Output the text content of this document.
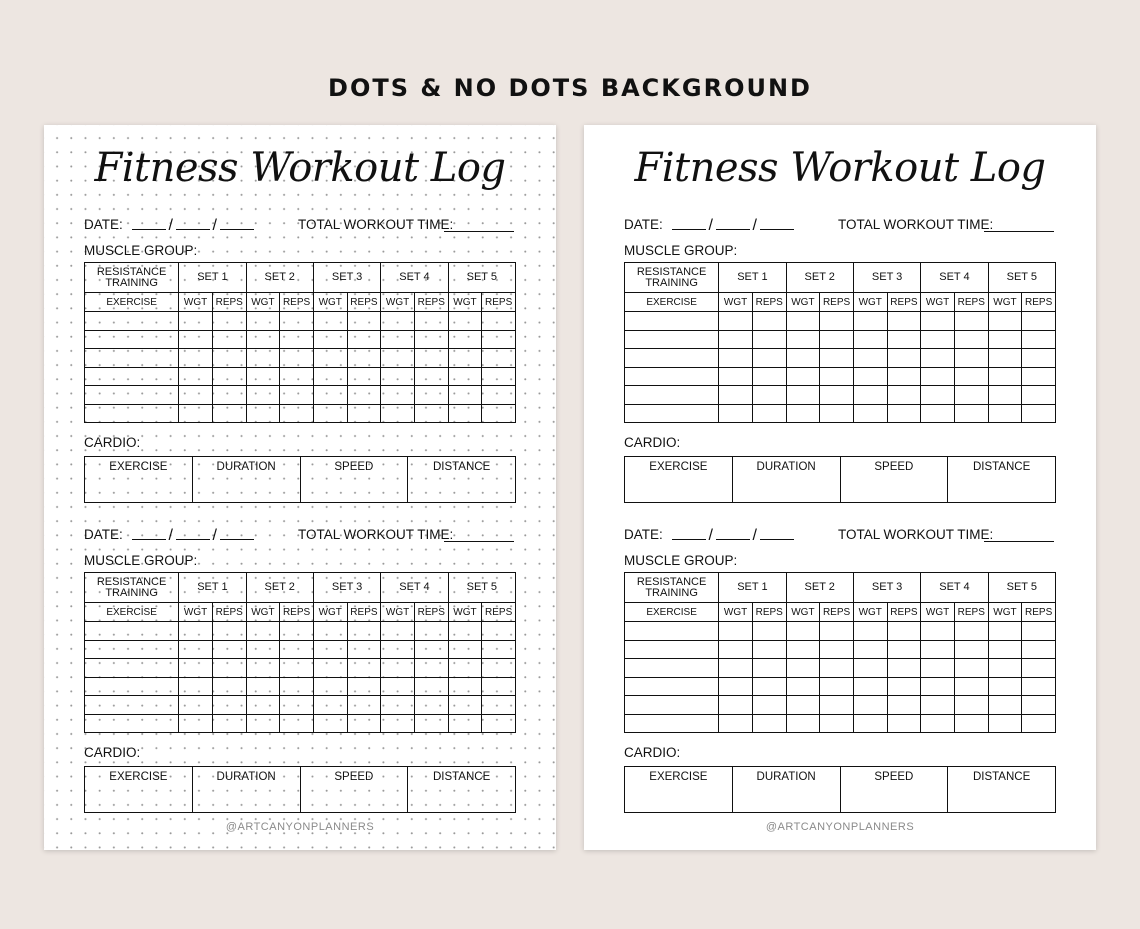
DOTS & NO DOTS BACKGROUND
Fitness Workout Log
DATE:	/ /	TOTAL WORKOUT TIME:
MUSCLE GROUP:
RESISTANCE TRAINING	SET 1		SET 2		SET 3		SET 4		SET 5	
EXERCISE	WGT	REPS	WGT	REPS	WGT	REPS	WGT	REPS	WGT	REPS

CARDIO:
EXERCISE	DURATION	SPEED	DISTANCE
DATE:	/ /	TOTAL WORKOUT TIME:
MUSCLE GROUP:
RESISTANCE TRAINING	SET 1		SET 2		SET 3		SET 4		SET 5	
EXERCISE	WGT	REPS	WGT	REPS	WGT	REPS	WGT	REPS	WGT	REPS

CARDIO:
EXERCISE	DURATION	SPEED	DISTANCE
@ARTCANYONPLANNERS
Fitness Workout Log
DATE:	/ /	TOTAL WORKOUT TIME:
MUSCLE GROUP:
RESISTANCE TRAINING	SET 1		SET 2		SET 3		SET 4		SET 5	
EXERCISE	WGT	REPS	WGT	REPS	WGT	REPS	WGT	REPS	WGT	REPS

CARDIO:
EXERCISE	DURATION	SPEED	DISTANCE
DATE:	/ /	TOTAL WORKOUT TIME:
MUSCLE GROUP:
RESISTANCE TRAINING	SET 1		SET 2		SET 3		SET 4		SET 5	
EXERCISE	WGT	REPS	WGT	REPS	WGT	REPS	WGT	REPS	WGT	REPS

CARDIO:
EXERCISE	DURATION	SPEED	DISTANCE
@ARTCANYONPLANNERS
